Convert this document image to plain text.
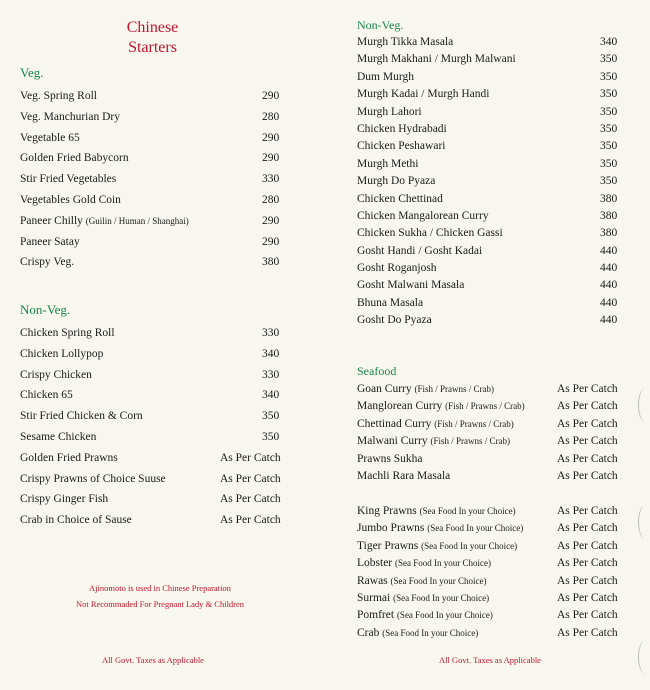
Chinese
Starters
Veg.
Veg. Spring Roll	290
Veg. Manchurian Dry	280
Vegetable 65	290
Golden Fried Babycorn	290
Stir Fried Vegetables	330
Vegetables Gold Coin	280
Paneer Chilly (Guilin / Human / Shanghai)	290
Paneer Satay	290
Crispy Veg.	380
Non-Veg.
Chicken Spring Roll	330
Chicken Lollypop	340
Crispy Chicken	330
Chicken 65	340
Stir Fried Chicken & Corn	350
Sesame Chicken	350
Golden Fried Prawns	As Per Catch
Crispy Prawns of Choice Suuse	As Per Catch
Crispy Ginger Fish	As Per Catch
Crab in Choice of Sause	As Per Catch
Ajinomoto is used in Chinese Preparation
Not Recommaded For Pregnant Lady & Children
All Govt. Taxes as Applicable
Non-Veg.
Murgh Tikka Masala	340
Murgh Makhani / Murgh Malwani	350
Dum Murgh	350
Murgh Kadai / Murgh Handi	350
Murgh Lahori	350
Chicken Hydrabadi	350
Chicken Peshawari	350
Murgh Methi	350
Murgh Do Pyaza	350
Chicken Chettinad	380
Chicken Mangalorean Curry	380
Chicken Sukha / Chicken Gassi	380
Gosht Handi / Gosht Kadai	440
Gosht Roganjosh	440
Gosht Malwani Masala	440
Bhuna Masala	440
Gosht Do Pyaza	440
Seafood
Goan Curry (Fish / Prawns / Crab)	As Per Catch
Manglorean Curry (Fish / Prawns / Crab)	As Per Catch
Chettinad Curry (Fish / Prawns / Crab)	As Per Catch
Malwani Curry (Fish / Prawns / Crab)	As Per Catch
Prawns Sukha	As Per Catch
Machli Rara Masala	As Per Catch
King Prawns (Sea Food In your Choice)	As Per Catch
Jumbo Prawns (Sea Food In your Choice)	As Per Catch
Tiger Prawns (Sea Food In your Choice)	As Per Catch
Lobster (Sea Food In your Choice)	As Per Catch
Rawas (Sea Food In your Choice)	As Per Catch
Surmai (Sea Food In your Choice)	As Per Catch
Pomfret (Sea Food In your Choice)	As Per Catch
Crab (Sea Food In your Choice)	As Per Catch
All Govt. Taxes as Applicable
